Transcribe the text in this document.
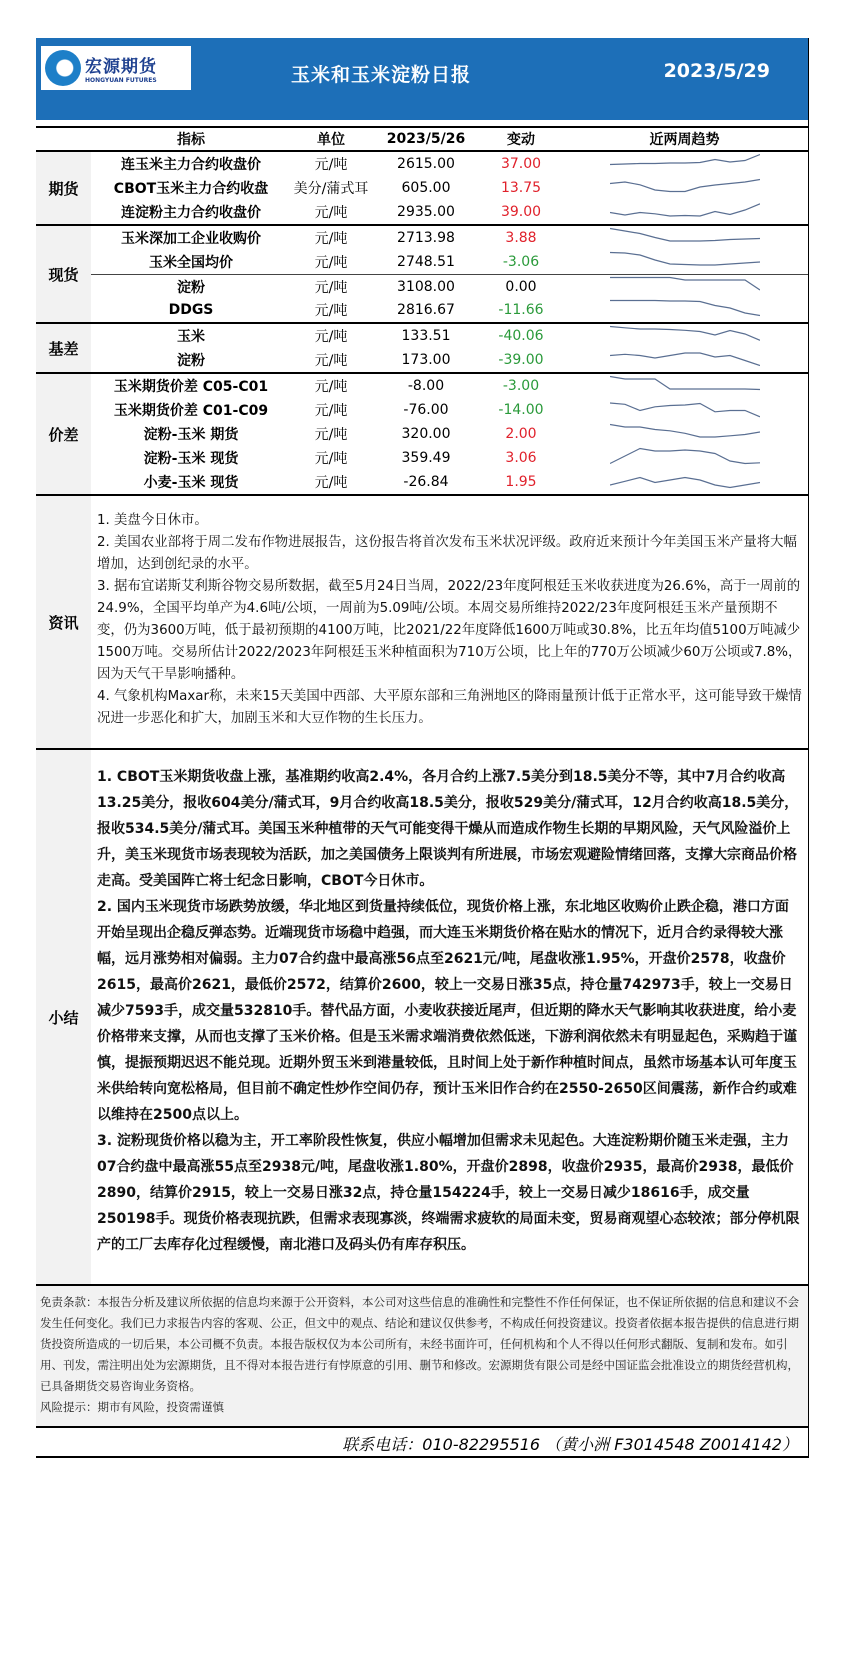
宏源期货
HONGYUAN FUTURES	玉米和玉米淀粉日报	2023/5/29
指标	单位	2023/5/26	变动	近两周趋势
期货
连玉米主力合约收盘价	元/吨	2615.00	37.00
CBOT玉米主力合约收盘	美分/蒲式耳	605.00	13.75
连淀粉主力合约收盘价	元/吨	2935.00	39.00
现货
玉米深加工企业收购价	元/吨	2713.98	3.88
玉米全国均价	元/吨	2748.51	-3.06
淀粉	元/吨	3108.00	0.00
DDGS	元/吨	2816.67	-11.66
基差
玉米	元/吨	133.51	-40.06
淀粉	元/吨	173.00	-39.00
价差
玉米期货价差 C05-C01	元/吨	-8.00	-3.00
玉米期货价差 C01-C09	元/吨	-76.00	-14.00
淀粉-玉米 期货	元/吨	320.00	2.00
淀粉-玉米 现货	元/吨	359.49	3.06
小麦-玉米 现货	元/吨	-26.84	1.95
资讯
1. 美盘今日休市。
2. 美国农业部将于周二发布作物进展报告，这份报告将首次发布玉米状况评级。政府近来预计今年美国玉米产量将大幅增加，达到创纪录的水平。
3. 据布宜诺斯艾利斯谷物交易所数据，截至5月24日当周，2022/23年度阿根廷玉米收获进度为26.6%，高于一周前的24.9%，全国平均单产为4.6吨/公顷，一周前为5.09吨/公顷。本周交易所维持2022/23年度阿根廷玉米产量预期不变，仍为3600万吨，低于最初预期的4100万吨，比2021/22年度降低1600万吨或30.8%，比五年均值5100万吨减少1500万吨。交易所估计2022/2023年阿根廷玉米种植面积为710万公顷，比上年的770万公顷减少60万公顷或7.8%，因为天气干旱影响播种。
4. 气象机构Maxar称，未来15天美国中西部、大平原东部和三角洲地区的降雨量预计低于正常水平，这可能导致干燥情况进一步恶化和扩大，加剧玉米和大豆作物的生长压力。
小结
1. CBOT玉米期货收盘上涨，基准期约收高2.4%，各月合约上涨7.5美分到18.5美分不等，其中7月合约收高13.25美分，报收604美分/蒲式耳，9月合约收高18.5美分，报收529美分/蒲式耳，12月合约收高18.5美分，报收534.5美分/蒲式耳。美国玉米种植带的天气可能变得干燥从而造成作物生长期的早期风险，天气风险溢价上升，美玉米现货市场表现较为活跃，加之美国债务上限谈判有所进展，市场宏观避险情绪回落，支撑大宗商品价格走高。受美国阵亡将士纪念日影响，CBOT今日休市。
2. 国内玉米现货市场跌势放缓，华北地区到货量持续低位，现货价格上涨，东北地区收购价止跌企稳，港口方面开始呈现出企稳反弹态势。近端现货市场稳中趋强，而大连玉米期货价格在贴水的情况下，近月合约录得较大涨幅，远月涨势相对偏弱。主力07合约盘中最高涨56点至2621元/吨，尾盘收涨1.95%，开盘价2578，收盘价2615，最高价2621，最低价2572，结算价2600，较上一交易日涨35点，持仓量742973手，较上一交易日减少7593手，成交量532810手。替代品方面，小麦收获接近尾声，但近期的降水天气影响其收获进度，给小麦价格带来支撑，从而也支撑了玉米价格。但是玉米需求端消费依然低迷，下游利润依然未有明显起色，采购趋于谨慎，提振预期迟迟不能兑现。近期外贸玉米到港量较低，且时间上处于新作种植时间点，虽然市场基本认可年度玉米供给转向宽松格局，但目前不确定性炒作空间仍存，预计玉米旧作合约在2550-2650区间震荡，新作合约或难以维持在2500点以上。
3. 淀粉现货价格以稳为主，开工率阶段性恢复，供应小幅增加但需求未见起色。大连淀粉期价随玉米走强，主力07合约盘中最高涨55点至2938元/吨，尾盘收涨1.80%，开盘价2898，收盘价2935，最高价2938，最低价2890，结算价2915，较上一交易日涨32点，持仓量154224手，较上一交易日减少18616手，成交量250198手。现货价格表现抗跌，但需求表现寡淡，终端需求疲软的局面未变，贸易商观望心态较浓；部分停机限产的工厂去库存化过程缓慢，南北港口及码头仍有库存积压。
免责条款：本报告分析及建议所依据的信息均来源于公开资料，本公司对这些信息的准确性和完整性不作任何保证，也不保证所依据的信息和建议不会发生任何变化。我们已力求报告内容的客观、公正，但文中的观点、结论和建议仅供参考，不构成任何投资建议。投资者依据本报告提供的信息进行期货投资所造成的一切后果，本公司概不负责。本报告版权仅为本公司所有，未经书面许可，任何机构和个人不得以任何形式翻版、复制和发布。如引用、刊发，需注明出处为宏源期货，且不得对本报告进行有悖原意的引用、删节和修改。宏源期货有限公司是经中国证监会批准设立的期货经营机构，已具备期货交易咨询业务资格。
风险提示：期市有风险，投资需谨慎
联系电话：010-82295516 （黄小洲 F3014548 Z0014142）
